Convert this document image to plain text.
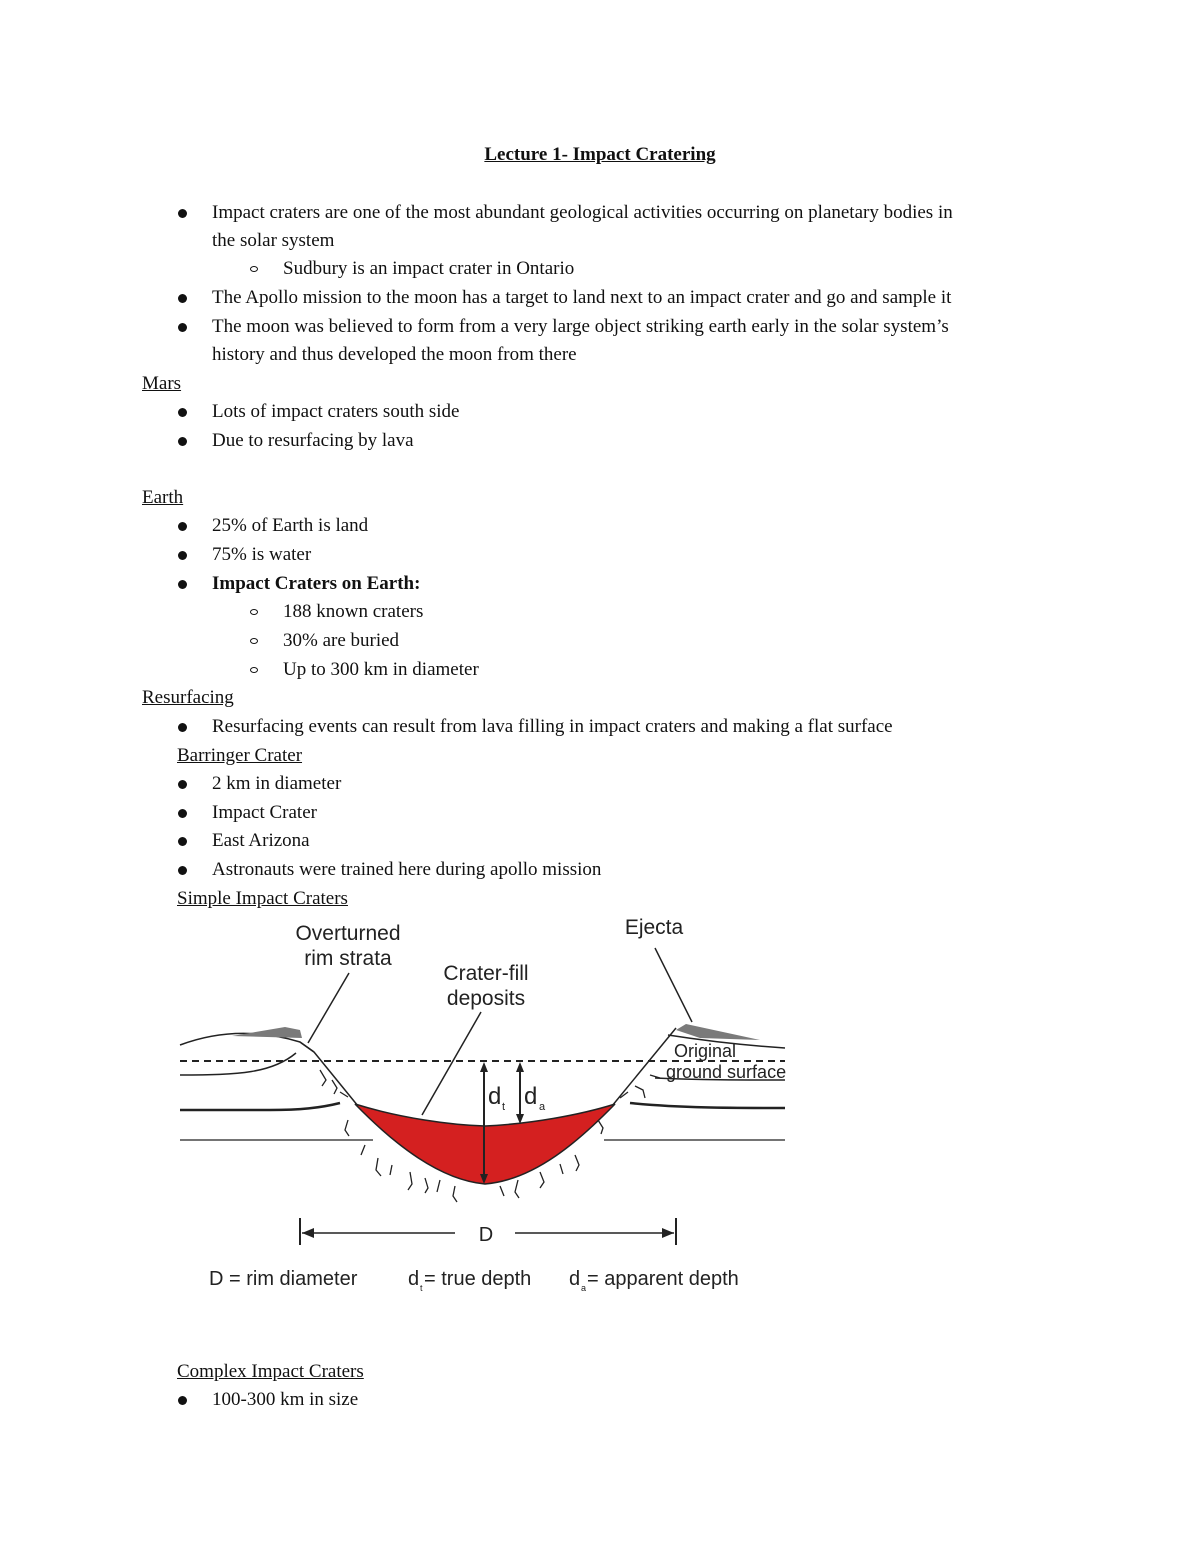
Lecture 1- Impact Cratering
Impact craters are one of the most abundant geological activities occurring on planetary bodies in
the solar system
Sudbury is an impact crater in Ontario
The Apollo mission to the moon has a target to land next to an impact crater and go and sample it
The moon was believed to form from a very large object striking earth early in the solar system’s
history and thus developed the moon from there
Mars
Lots of impact craters south side
Due to resurfacing by lava
Earth
25% of Earth is land
75% is water
Impact Craters on Earth:
188 known craters
30% are buried
Up to 300 km in diameter
Resurfacing
Resurfacing events can result from lava filling in impact craters and making a flat surface
Barringer Crater
2 km in diameter
Impact Crater
East Arizona
Astronauts were trained here during apollo mission
Simple Impact Craters
Overturned
rim strata
Crater-fill
deposits
Ejecta
Original
ground surface
d t d a
D
D = rim diameter	d t = true depth d a = apparent depth
Complex Impact Craters
100-300 km in size
